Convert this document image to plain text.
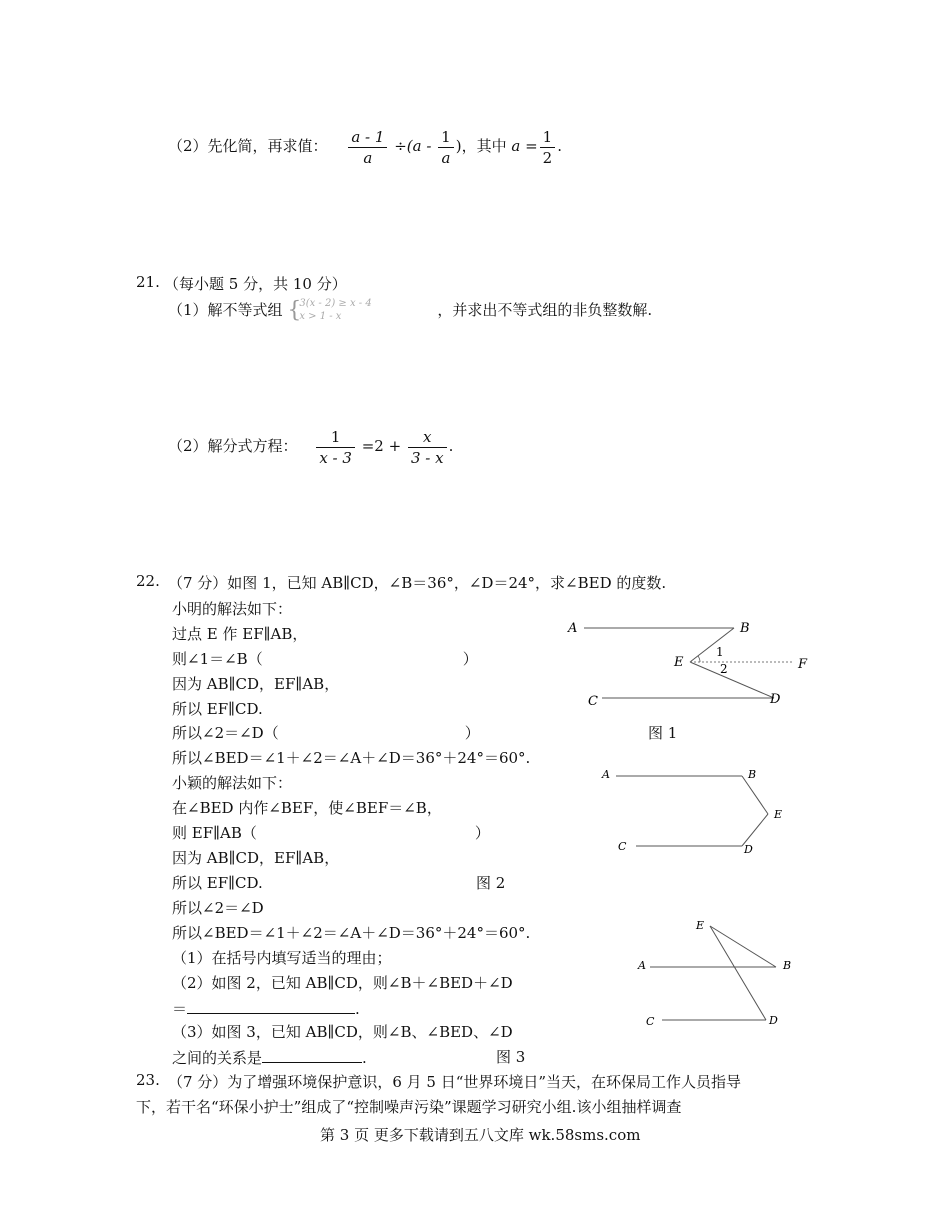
（2）先化简，再求值： $\frac{a - 1}{a} \div(a - \frac{1}{a}$ )，其中 $a = \frac{1}{2}$ .
21. （每小题 5 分，共 10 分）
（1）解不等式组 {
3(x - 2) ≥ x - 4
x > 1 - x	，并求出不等式组的非负整数解.
（2）解分式方程： $\frac{1}{x - 3} =2 + \frac{x}{3 - x}$ .
22. （7 分）如图 1，已知 AB∥CD，∠B＝36°，∠D＝24°，求∠BED 的度数.
小明的解法如下：
过点 E 作 EF∥AB，
则∠1＝∠B（	）
因为 AB∥CD，EF∥AB，
所以 EF∥CD.
所以∠2＝∠D（	）
所以∠BED＝∠1＋∠2＝∠A＋∠D＝36°＋24°＝60°.
小颖的解法如下：
在∠BED 内作∠BEF，使∠BEF＝∠B，
则 EF∥AB（	）
因为 AB∥CD，EF∥AB，
所以 EF∥CD.
所以∠2＝∠D
所以∠BED＝∠1＋∠2＝∠A＋∠D＝36°＋24°＝60°.
（1）在括号内填写适当的理由；
（2）如图 2，已知 AB∥CD，则∠B＋∠BED＋∠D
＝	.
（3）如图 3，已知 AB∥CD，则∠B、∠BED、∠D
之间的关系是	.
A	B
E	F
C	D
1
2
图 1
A	B
E
C	D
图 2
E
A	B
C	D
图 3
23. （7 分）为了增强环境保护意识，6 月 5 日“世界环境日”当天，在环保局工作人员指导
下，若干名“环保小护士”组成了“控制噪声污染”课题学习研究小组.该小组抽样调查
第 3 页 更多下载请到五八文库 wk.58sms.com
